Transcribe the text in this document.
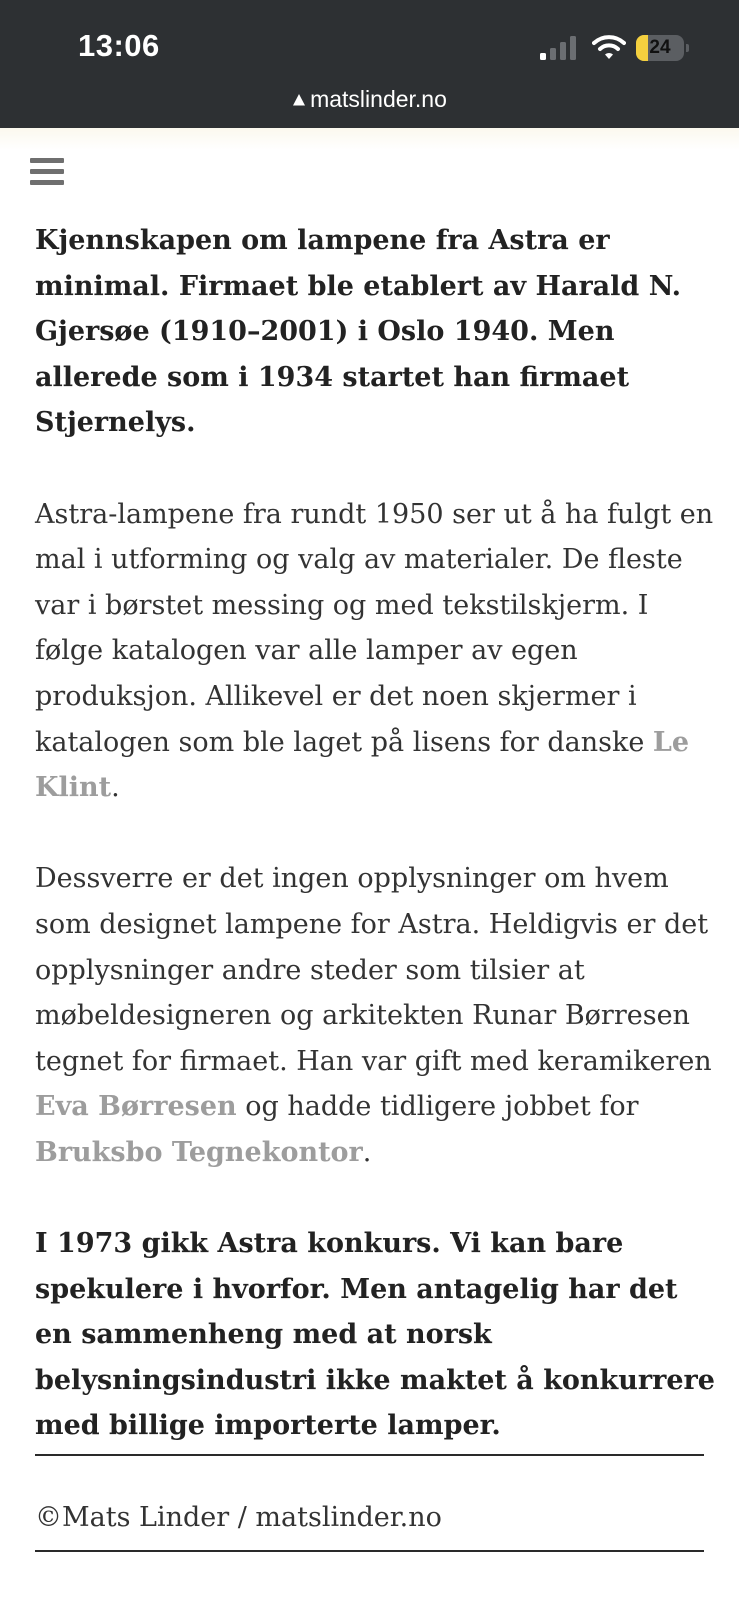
13:06	24
matslinder.no

Kjennskapen om lampene fra Astra er minimal. Firmaet ble etablert av Harald N. Gjersøe (1910–2001) i Oslo 1940. Men allerede som i 1934 startet han firmaet Stjernelys.

Astra-lampene fra rundt 1950 ser ut å ha fulgt en mal i utforming og valg av materialer. De fleste var i børstet messing og med tekstilskjerm. I følge katalogen var alle lamper av egen produksjon. Allikevel er det noen skjermer i katalogen som ble laget på lisens for danske Le Klint.

Dessverre er det ingen opplysninger om hvem som designet lampene for Astra. Heldigvis er det opplysninger andre steder som tilsier at møbeldesigneren og arkitekten Runar Børresen tegnet for firmaet. Han var gift med keramikeren Eva Børresen og hadde tidligere jobbet for Bruksbo Tegnekontor.

I 1973 gikk Astra konkurs. Vi kan bare spekulere i hvorfor. Men antagelig har det en sammenheng med at norsk belysningsindustri ikke maktet å konkurrere med billige importerte lamper.

©Mats Linder / matslinder.no
